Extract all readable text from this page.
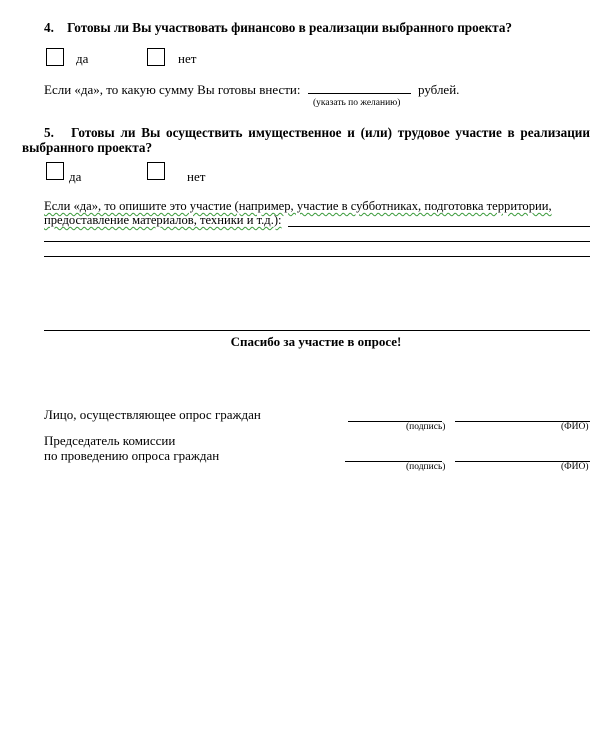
4. Готовы ли Вы участвовать финансово в реализации выбранного проекта?
да	нет
Если «да», то какую сумму Вы готовы внести:	рублей.
(указать по желанию)
5. Готовы ли Вы осуществить имущественное и (или) трудовое участие в реализации
выбранного проекта?
да	нет
Если «да», то опишите это участие (например, участие в субботниках, подготовка территории,
предоставление материалов, техники и т.д.):
Спасибо за участие в опросе!
Лицо, осуществляющее опрос граждан
(подпись)	(ФИО)
Председатель комиссии
по проведению опроса граждан
(подпись)	(ФИО)
